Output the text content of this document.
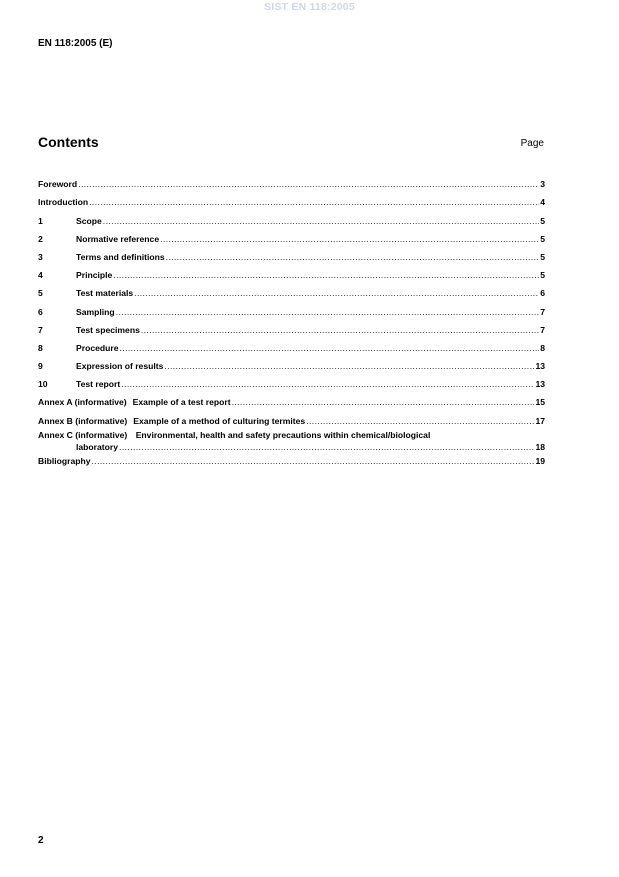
SIST EN 118:2005
EN 118:2005 (E)
Contents	Page
Foreword .....	3
Introduction .....	4
1	Scope .....	5
2	Normative reference .....	5
3	Terms and definitions .....	5
4	Principle .....	5
5	Test materials .....	6
6	Sampling .....	7
7	Test specimens .....	7
8	Procedure .....	8
9	Expression of results .....	13
10	Test report .....	13
Annex A (informative) Example of a test report .....	15
Annex B (informative) Example of a method of culturing termites .....	17
Annex C (informative) Environmental, health and safety precautions within chemical/biological
laboratory .....	18
Bibliography .....	19
2
